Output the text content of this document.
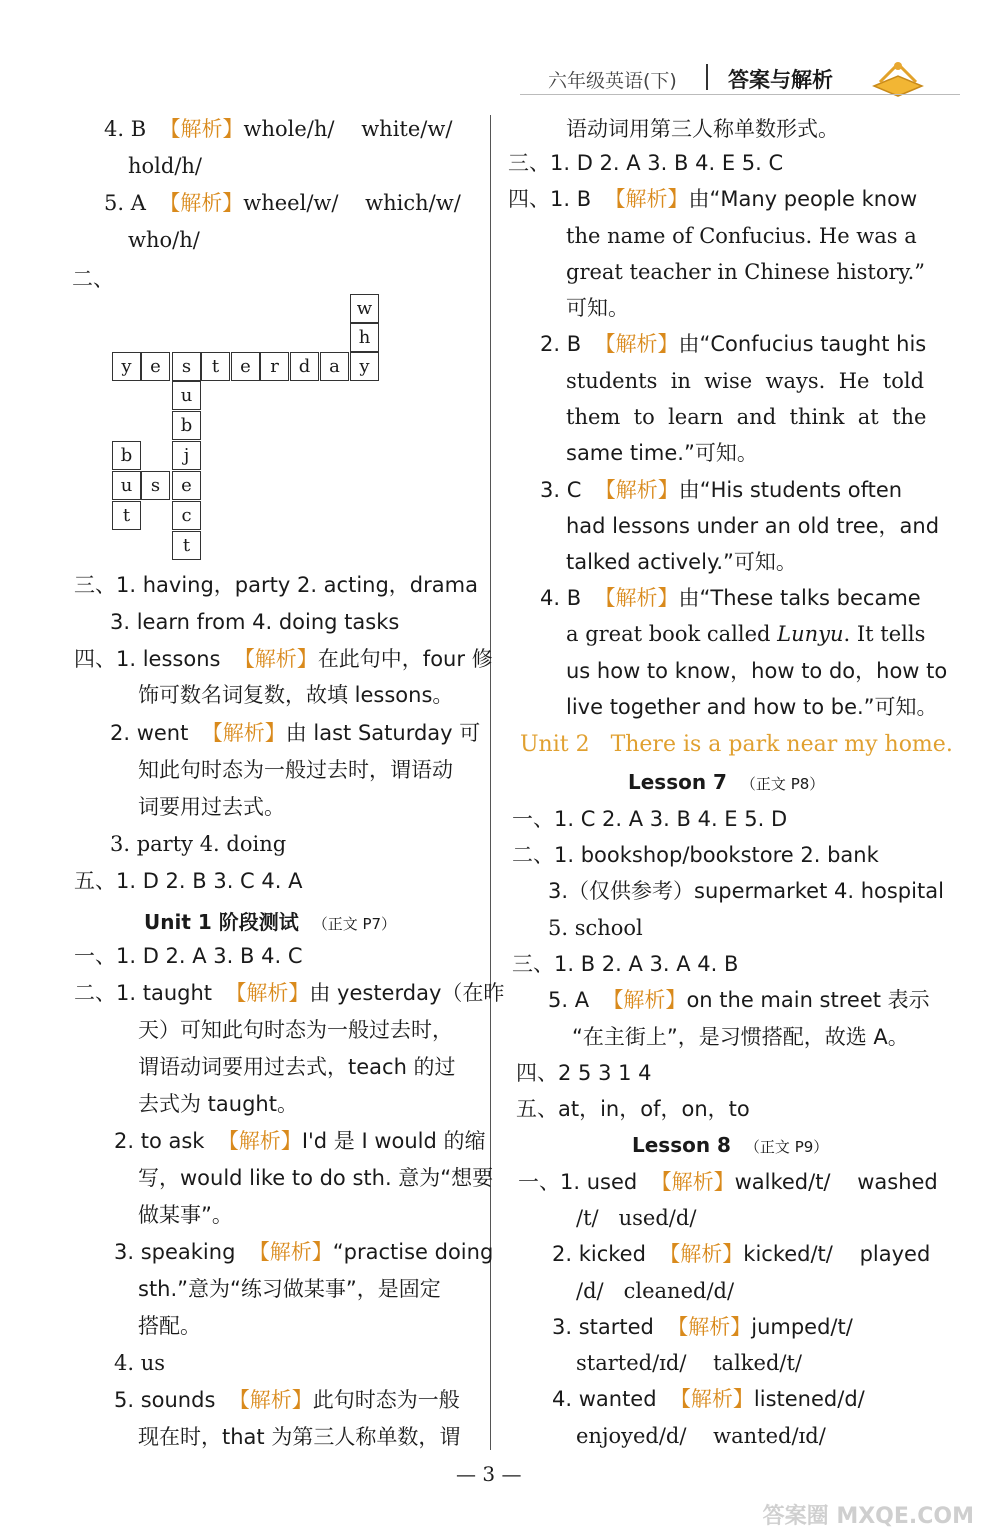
六年级英语(下) 答案与解析
4. B 【解析】whole/h/ white/w/
hold/h/
5. A 【解析】wheel/w/ which/w/
who/h/
二、
w
h
y	e	s	t	e	r	d	a	y
u
b
j
e
c
t
b
u
t
s
三、1. having，party 2. acting，drama
3. learn from 4. doing tasks
四、1. lessons 【解析】在此句中，four 修
饰可数名词复数，故填 lessons。
2. went 【解析】由 last Saturday 可
知此句时态为一般过去时，谓语动
词要用过去式。
3. party 4. doing
五、1. D 2. B 3. C 4. A
Unit 1 阶段测试 （正文 P7）
一、1. D 2. A 3. B 4. C
二、1. taught 【解析】由 yesterday（在昨
天）可知此句时态为一般过去时，
谓语动词要用过去式，teach 的过
去式为 taught。
2. to ask 【解析】I'd 是 I would 的缩
写，would like to do sth. 意为“想要
做某事”。
3. speaking 【解析】“practise doing
sth.”意为“练习做某事”，是固定
搭配。
4. us
5. sounds 【解析】此句时态为一般
现在时，that 为第三人称单数，谓
语动词用第三人称单数形式。
三、1. D 2. A 3. B 4. E 5. C
四、1. B 【解析】由“Many people know
the name of Confucius. He was a
great teacher in Chinese history.”
可知。
2. B 【解析】由“Confucius taught his
students  in  wise  ways.  He  told
them  to  learn  and  think  at  the
same time.”可知。
3. C 【解析】由“His students often
had lessons under an old tree，and
talked actively.”可知。
4. B 【解析】由“These talks became
a great book called Lunyu. It tells
us how to know，how to do，how to
live together and how to be.”可知。
Unit 2 There is a park near my home.
Lesson 7 （正文 P8）
一、1. C 2. A 3. B 4. E 5. D
二、1. bookshop/bookstore 2. bank
3.（仅供参考）supermarket 4. hospital
5. school
三、1. B 2. A 3. A 4. B
5. A 【解析】on the main street 表示
“在主街上”，是习惯搭配，故选 A。
四、2 5 3 1 4
五、at，in，of，on，to
Lesson 8 （正文 P9）
一、1. used 【解析】walked/t/ washed
/t/ used/d/
2. kicked 【解析】kicked/t/ played
/d/ cleaned/d/
3. started 【解析】jumped/t/
started/ɪd/ talked/t/
4. wanted 【解析】listened/d/
enjoyed/d/ wanted/ɪd/
— 3 —
答案圈 MXQE.COM
